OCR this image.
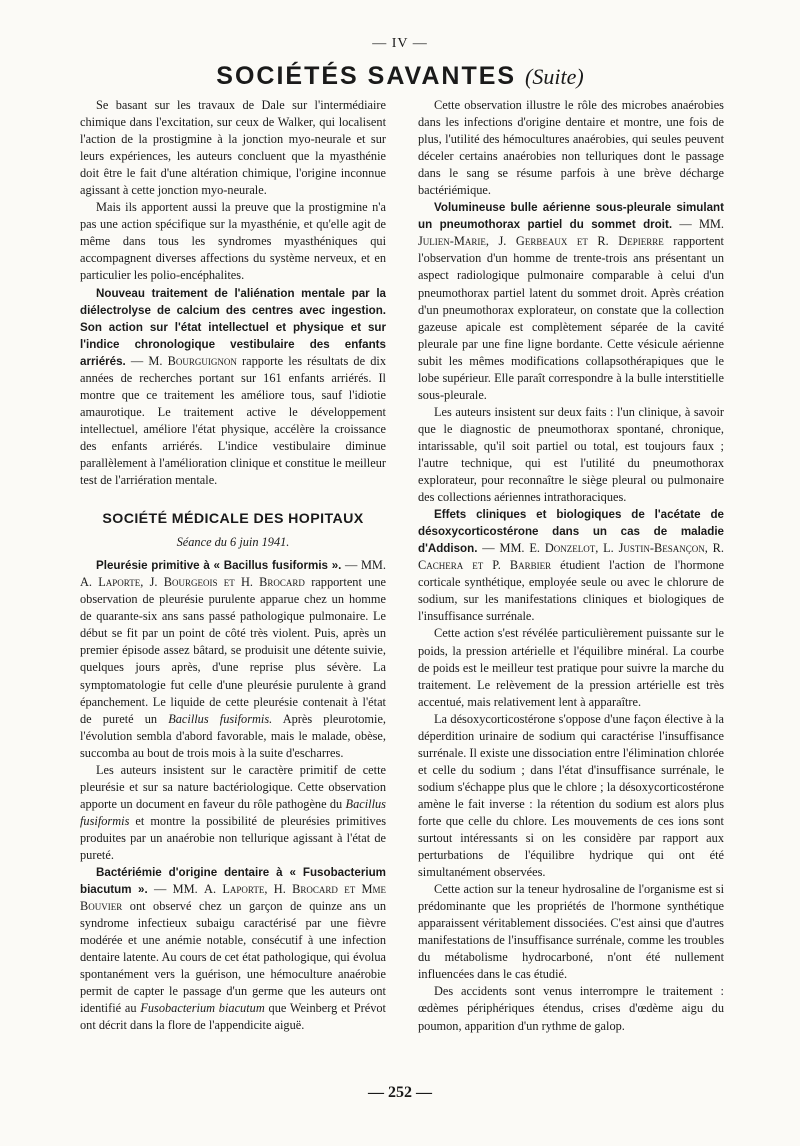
— IV —
SOCIÉTÉS SAVANTES (Suite)

Se basant sur les travaux de Dale sur l'intermédiaire chimique dans l'excitation, sur ceux de Walker, qui localisent l'action de la prostigmine à la jonction myo-neurale et sur leurs expériences, les auteurs concluent que la myasthénie doit être le fait d'une altération chimique, l'origine inconnue agissant à cette jonction myo-neurale.

Mais ils apportent aussi la preuve que la prostigmine n'a pas une action spécifique sur la myasthénie, et qu'elle agit de même dans tous les syndromes myasthéniques qui accompagnent diverses affections du système nerveux, et en particulier les polio-encéphalites.

Nouveau traitement de l'aliénation mentale par la diélectrolyse de calcium des centres avec ingestion. Son action sur l'état intellectuel et physique et sur l'indice chronologique vestibulaire des enfants arriérés. — M. Bourguignon rapporte les résultats de dix années de recherches portant sur 161 enfants arriérés. Il montre que ce traitement les améliore tous, sauf l'idiotie amaurotique. Le traitement active le développement intellectuel, améliore l'état physique, accélère la croissance des enfants arriérés. L'indice vestibulaire diminue parallèlement à l'amélioration clinique et constitue le meilleur test de l'arriération mentale.

SOCIÉTÉ MÉDICALE DES HOPITAUX
Séance du 6 juin 1941.

Pleurésie primitive à « Bacillus fusiformis ». — MM. A. Laporte, J. Bourgeois et H. Brocard rapportent une observation de pleurésie purulente apparue chez un homme de quarante-six ans sans passé pathologique pulmonaire. Le début se fit par un point de côté très violent. Puis, après un premier épisode assez bâtard, se produisit une détente suivie, quelques jours après, d'une reprise plus sévère. La symptomatologie fut celle d'une pleurésie purulente à grand épanchement. Le liquide de cette pleurésie contenait à l'état de pureté un Bacillus fusiformis. Après pleurotomie, l'évolution sembla d'abord favorable, mais le malade, obèse, succomba au bout de trois mois à la suite d'escharres.

Les auteurs insistent sur le caractère primitif de cette pleurésie et sur sa nature bactériologique. Cette observation apporte un document en faveur du rôle pathogène du Bacillus fusiformis et montre la possibilité de pleurésies primitives produites par un anaérobie non tellurique agissant à l'état de pureté.

Bactériémie d'origine dentaire à « Fusobacterium biacutum ». — MM. A. Laporte, H. Brocard et Mme Bouvier ont observé chez un garçon de quinze ans un syndrome infectieux subaigu caractérisé par une fièvre modérée et une anémie notable, consécutif à une infection dentaire latente. Au cours de cet état pathologique, qui évolua spontanément vers la guérison, une hémoculture anaérobie permit de capter le passage d'un germe que les auteurs ont identifié au Fusobacterium biacutum que Weinberg et Prévot ont décrit dans la flore de l'appendicite aiguë.

Cette observation illustre le rôle des microbes anaérobies dans les infections d'origine dentaire et montre, une fois de plus, l'utilité des hémocultures anaérobies, qui seules peuvent déceler certains anaérobies non telluriques dont le passage dans le sang se résume parfois à une brève décharge bactériémique.

Volumineuse bulle aérienne sous-pleurale simulant un pneumothorax partiel du sommet droit. — MM. Julien-Marie, J. Gerbeaux et R. Depierre rapportent l'observation d'un homme de trente-trois ans présentant un aspect radiologique pulmonaire comparable à celui d'un pneumothorax partiel latent du sommet droit. Après création d'un pneumothorax explorateur, on constate que la collection gazeuse apicale est complètement séparée de la cavité pleurale par une fine ligne bordante. Cette vésicule aérienne subit les mêmes modifications collapsothérapiques que le lobe supérieur. Elle paraît correspondre à la bulle interstitielle sous-pleurale.

Les auteurs insistent sur deux faits : l'un clinique, à savoir que le diagnostic de pneumothorax spontané, chronique, intarissable, qu'il soit partiel ou total, est toujours faux ; l'autre technique, qui est l'utilité du pneumothorax explorateur, pour reconnaître le siège pleural ou pulmonaire des collections aériennes intrathoraciques.

Effets cliniques et biologiques de l'acétate de désoxycorticostérone dans un cas de maladie d'Addison. — MM. E. Donzelot, L. Justin-Besançon, R. Cachera et P. Barbier étudient l'action de l'hormone corticale synthétique, employée seule ou avec le chlorure de sodium, sur les manifestations cliniques et biologiques de l'insuffisance surrénale.

Cette action s'est révélée particulièrement puissante sur le poids, la pression artérielle et l'équilibre minéral. La courbe de poids est le meilleur test pratique pour suivre la marche du traitement. Le relèvement de la pression artérielle est très accentué, mais relativement lent à apparaître.

La désoxycorticostérone s'oppose d'une façon élective à la déperdition urinaire de sodium qui caractérise l'insuffisance surrénale. Il existe une dissociation entre l'élimination chlorée et celle du sodium ; dans l'état d'insuffisance surrénale, le sodium s'échappe plus que le chlore ; la désoxycorticostérone amène le fait inverse : la rétention du sodium est alors plus forte que celle du chlore. Les mouvements de ces ions sont surtout intéressants si on les considère par rapport aux perturbations de l'équilibre hydrique qui ont été simultanément observées.

Cette action sur la teneur hydrosaline de l'organisme est si prédominante que les propriétés de l'hormone synthétique apparaissent véritablement dissociées. C'est ainsi que d'autres manifestations de l'insuffisance surrénale, comme les troubles du métabolisme hydrocarboné, n'ont été nullement influencées dans le cas étudié.

Des accidents sont venus interrompre le traitement : œdèmes périphériques étendus, crises d'œdème aigu du poumon, apparition d'un rythme de galop.

— 252 —
